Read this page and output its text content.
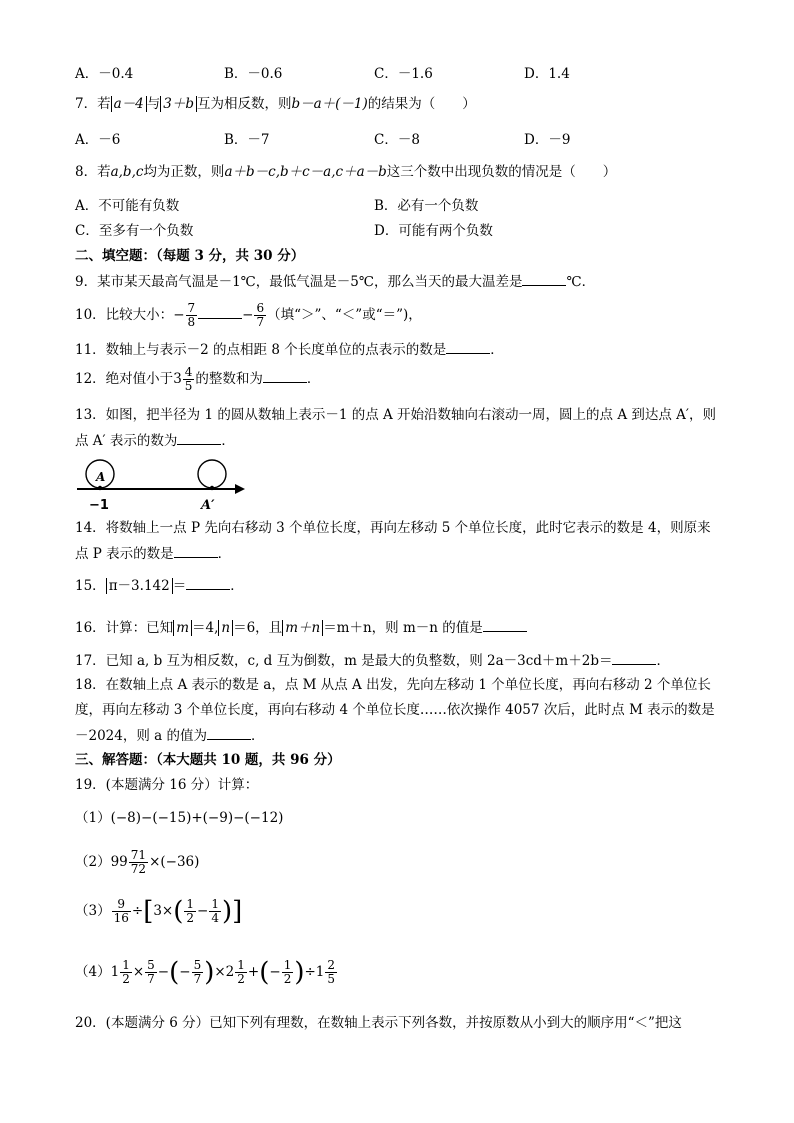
A．－0.4	B．－0.6	C．－1.6	D．1.4
7．若 a－4 与 3＋b 互为相反数，则b－a＋(－1)的结果为（　　）
A．－6	B．－7	C．－8	D．－9
8．若a,b,c均为正数，则a＋b－c,b＋c－a,c＋a－b这三个数中出现负数的情况是（　　）
A．不可能有负数	B．必有一个负数
C．至多有一个负数	D．可能有两个负数
二、填空题：（每题 3 分，共 30 分）
9．某市某天最高气温是－1℃，最低气温是－5℃，那么当天的最大温差是	℃．
10．比较大小：− $\frac{7}{8}$	− $\frac{6}{7}$ （填“＞”、“＜”或“＝”)，
11．数轴上与表示－2 的点相距 8 个长度单位的点表示的数是	．
12．绝对值小于$3 \frac{4}{5}$ 的整数和为	．
13．如图，把半径为 1 的圆从数轴上表示－1 的点 A 开始沿数轴向右滚动一周，圆上的点 A 到达点 A′，则
点 A′ 表示的数为	．
A
−1	A′
14．将数轴上一点 P 先向右移动 3 个单位长度，再向左移动 5 个单位长度，此时它表示的数是 4，则原来
点 P 表示的数是	．
15． π－3.142 ＝	．
16．计算：已知 m ＝4, n ＝6，且 m＋n ＝m＋n，则 m－n 的值是
17．已知 a, b 互为相反数，c, d 互为倒数，m 是最大的负整数，则 2a－3cd＋m＋2b＝	．
18．在数轴上点 A 表示的数是 a，点 M 从点 A 出发，先向左移动 1 个单位长度，再向右移动 2 个单位长
度，再向左移动 3 个单位长度，再向右移动 4 个单位长度……依次操作 4057 次后，此时点 M 表示的数是
－2024，则 a 的值为	．
三、解答题：（本大题共 10 题，共 96 分）
19．(本题满分 16 分）计算：
（1）(−8)−(−15)+(−9)−(−12)
$(2)99 \frac{71}{72} \times(-36)$
$(3) \frac{9}{16} \div[3\times( \frac{1}{2} - \frac{1}{4}$ )]
$(4)1 \frac{1}{2} \times \frac{5}{7}$ −(− $\frac{5}{7} )\times 2 \frac{1}{2}$ +(− $\frac{1}{2} )\div 1 \frac{2}{5}$
20．(本题满分 6 分）已知下列有理数，在数轴上表示下列各数，并按原数从小到大的顺序用“＜”把这
